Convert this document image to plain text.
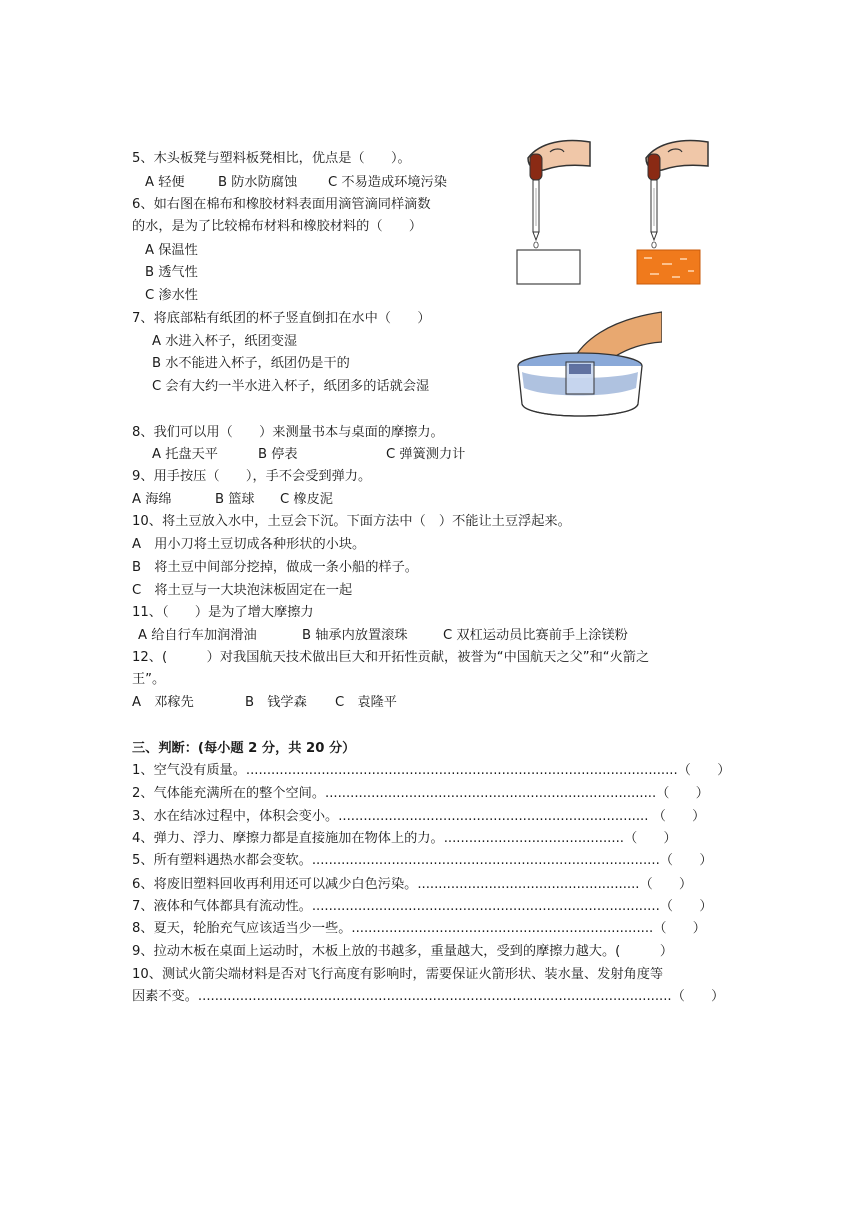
5、木头板凳与塑料板凳相比，优点是（　　）。
A 轻便	B 防水防腐蚀 C 不易造成环境污染
6、如右图在棉布和橡胶材料表面用滴管滴同样滴数
的水，是为了比较棉布材料和橡胶材料的（　　）
A 保温性
B 透气性
C 渗水性
7、将底部粘有纸团的杯子竖直倒扣在水中（　　）
A 水进入杯子，纸团变湿
B 水不能进入杯子，纸团仍是干的
C 会有大约一半水进入杯子，纸团多的话就会湿
8、我们可以用（　　）来测量书本与桌面的摩擦力。
A 托盘天平	B 停表	C 弹簧测力计
9、用手按压（　　），手不会受到弹力。
A 海绵	B 篮球 C 橡皮泥
10、将土豆放入水中，土豆会下沉。下面方法中（　）不能让土豆浮起来。
A　用小刀将土豆切成各种形状的小块。
B　将土豆中间部分挖掉，做成一条小船的样子。
C　将土豆与一大块泡沫板固定在一起
11、（　　）是为了增大摩擦力
A 给自行车加润滑油	B 轴承内放置滚珠	C 双杠运动员比赛前手上涂镁粉
12、(　　　）对我国航天技术做出巨大和开拓性贡献，被誉为“中国航天之父”和“火箭之
王”。
A　邓稼先	B　钱学森 C　袁隆平
三、判断：(每小题 2 分，共 20 分）
1、空气没有质量。.......................................................................................................（　　）
2、气体能充满所在的整个空间。...............................................................................（　　）
3、水在结冰过程中，体积会变小。.......................................................................... （　　）
4、弹力、浮力、摩擦力都是直接施加在物体上的力。...........................................（　　）
5、所有塑料遇热水都会变软。...................................................................................（　　）
6、将废旧塑料回收再利用还可以减少白色污染。.....................................................（　　）
7、液体和气体都具有流动性。...................................................................................（　　）
8、夏天，轮胎充气应该适当少一些。........................................................................（　　）
9、拉动木板在桌面上运动时，木板上放的书越多，重量越大，受到的摩擦力越大。(　　　）
10、测试火箭尖端材料是否对飞行高度有影响时，需要保证火箭形状、装水量、发射角度等
因素不变。.................................................................................................................（　　）
